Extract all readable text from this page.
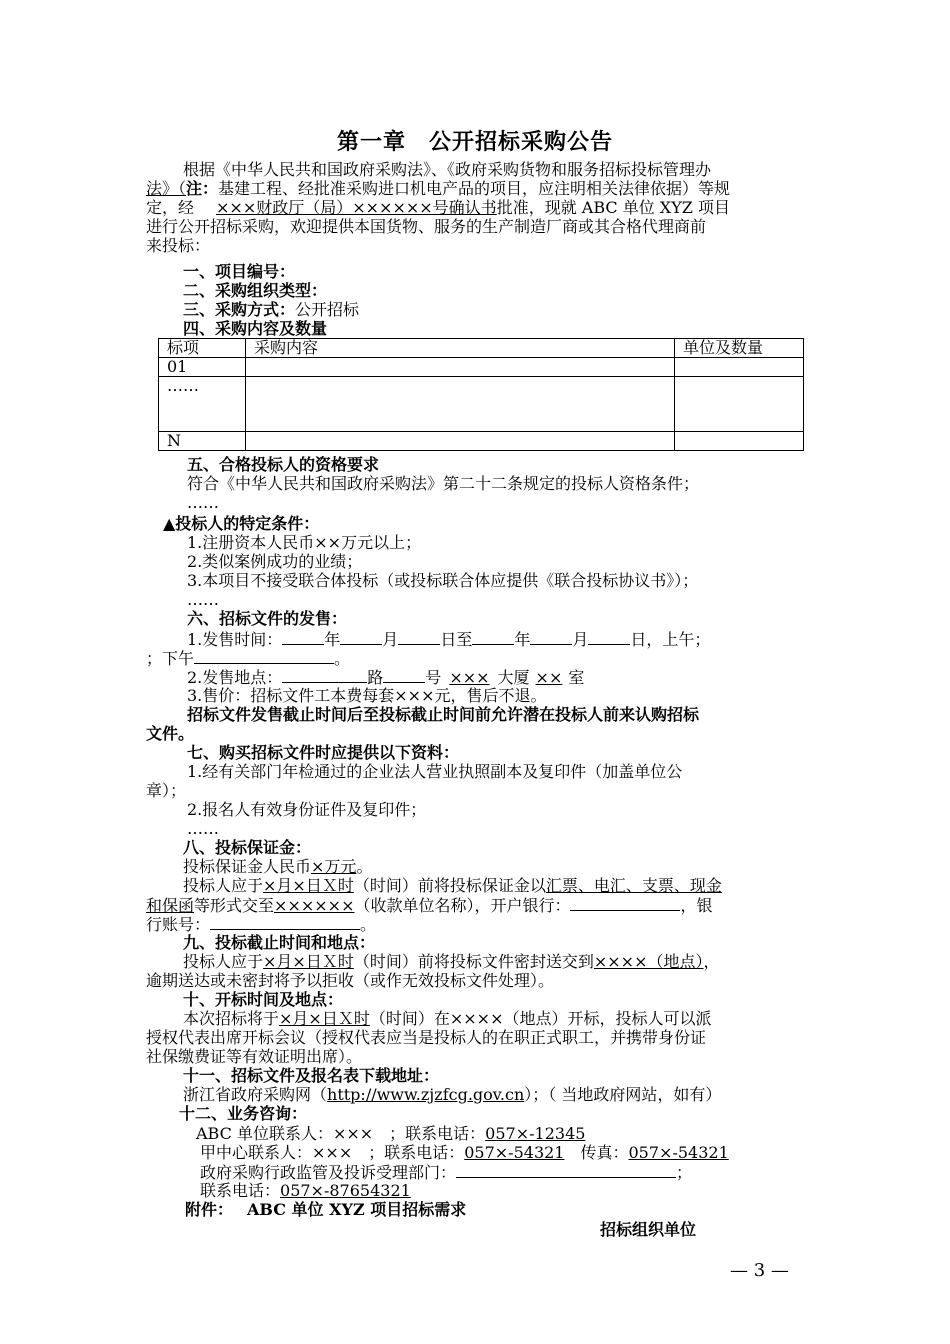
第一章　公开招标采购公告
根据《中华人民共和国政府采购法》、《政府采购货物和服务招标投标管理办
法》（注：基建工程、经批准采购进口机电产品的项目，应注明相关法律依据）等规
定，经 ×××财政厅（局）××××××号确认书批准，现就 ABC 单位 XYZ 项目
进行公开招标采购，欢迎提供本国货物、服务的生产制造厂商或其合格代理商前
来投标：
一、项目编号：
二、采购组织类型：
三、采购方式：公开招标
四、采购内容及数量
标项	采购内容	单位及数量
01		
……		
N		
五、合格投标人的资格要求
符合《中华人民共和国政府采购法》第二十二条规定的投标人资格条件；
……
▲投标人的特定条件：
1.注册资本人民币××万元以上；
2.类似案例成功的业绩；
3.本项目不接受联合体投标（或投标联合体应提供《联合投标协议书》）；
……
六、招标文件的发售：
1.发售时间：	年	月	日至	年	月	日，上午；
；下午	。
2.发售地点：	路	号 ××× 大厦 ×× 室
3.售价：招标文件工本费每套×××元，售后不退。
招标文件发售截止时间后至投标截止时间前允许潜在投标人前来认购招标
文件。
七、购买招标文件时应提供以下资料：
1.经有关部门年检通过的企业法人营业执照副本及复印件（加盖单位公
章）；
2.报名人有效身份证件及复印件；
……
八、投标保证金：
投标保证金人民币×万元。
投标人应于×月×日Ｘ时（时间）前将投标保证金以汇票、电汇、支票、现金
和保函等形式交至××××××（收款单位名称），开户银行：	，银
行账号：	。
九、投标截止时间和地点：
投标人应于×月×日Ｘ时（时间）前将投标文件密封送交到××××（地点），
逾期送达或未密封将予以拒收（或作无效投标文件处理）。
十、开标时间及地点：
本次招标将于×月×日Ｘ时（时间）在××××（地点）开标，投标人可以派
授权代表出席开标会议（授权代表应当是投标人的在职正式职工，并携带身份证
社保缴费证等有效证明出席）。
十一、招标文件及报名表下载地址：
浙江省政府采购网（http://www.zjzfcg.gov.cn）；（ 当地政府网站，如有）
十二、业务咨询：
ABC 单位联系人：×××　；联系电话：057×-12345
甲中心联系人：×××　；联系电话：057×-54321　传真：057×-54321
政府采购行政监管及投诉受理部门：	；
联系电话：057×-87654321
附件： ABC 单位 XYZ 项目招标需求
招标组织单位
— 3 —
